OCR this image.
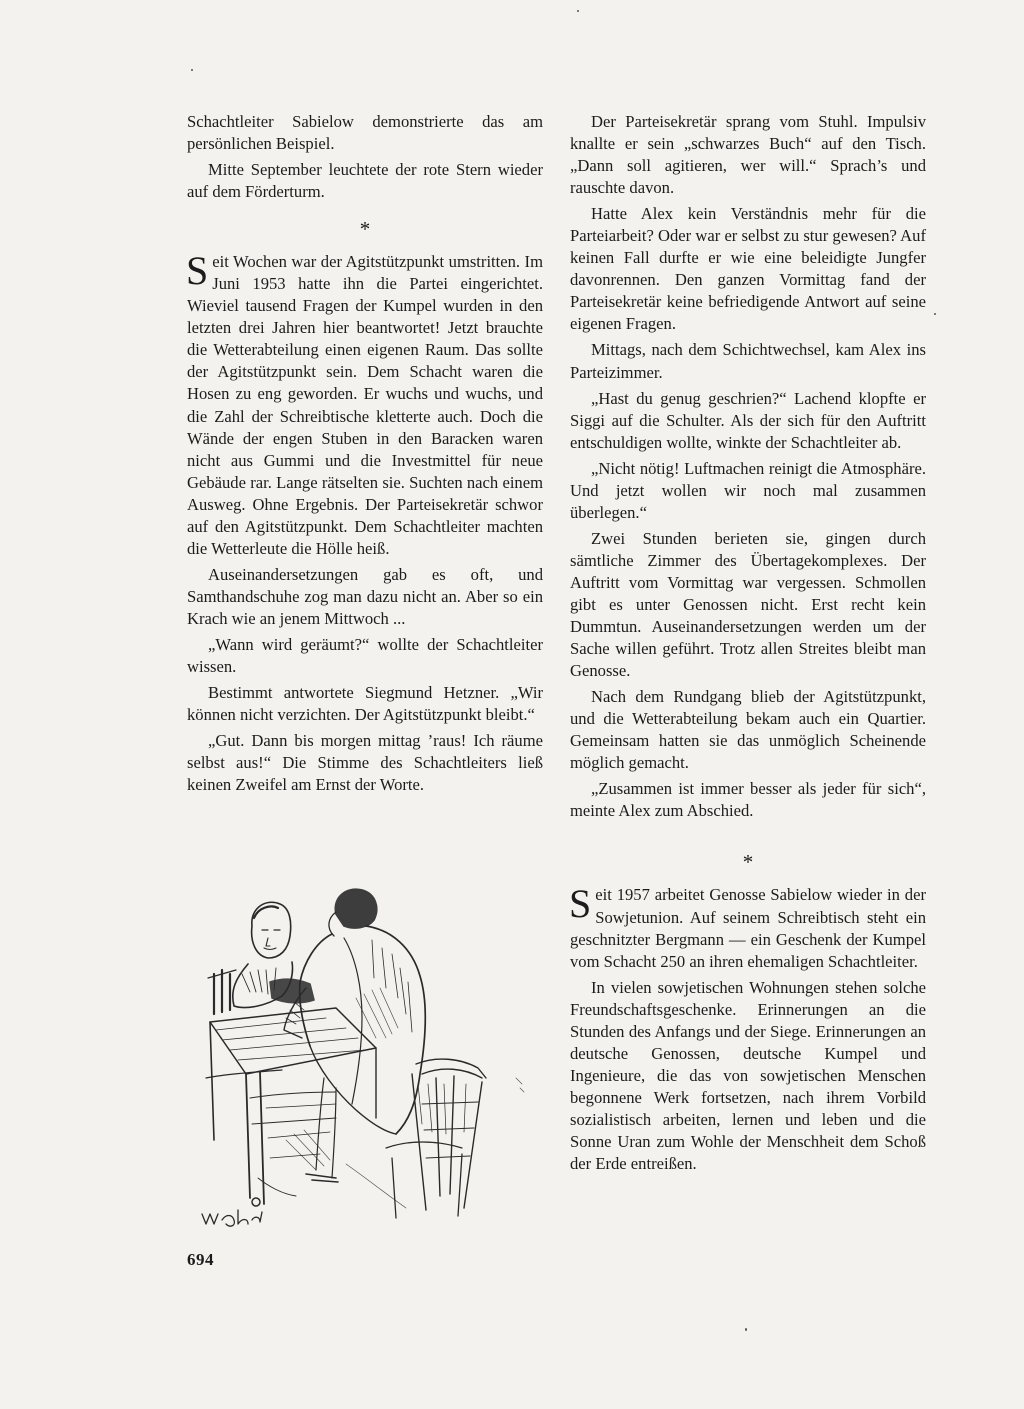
Schachtleiter Sabielow demonstrierte das am persönlichen Beispiel.

Mitte September leuchtete der rote Stern wieder auf dem Förderturm.

*

Seit Wochen war der Agitstützpunkt umstritten. Im Juni 1953 hatte ihn die Partei eingerichtet. Wieviel tausend Fragen der Kumpel wurden in den letzten drei Jahren hier beantwortet! Jetzt brauchte die Wetterabteilung einen eigenen Raum. Das sollte der Agitstützpunkt sein. Dem Schacht waren die Hosen zu eng geworden. Er wuchs und wuchs, und die Zahl der Schreibtische kletterte auch. Doch die Wände der engen Stuben in den Baracken waren nicht aus Gummi und die Investmittel für neue Gebäude rar. Lange rätselten sie. Suchten nach einem Ausweg. Ohne Ergebnis. Der Parteisekretär schwor auf den Agitstützpunkt. Dem Schachtleiter machten die Wetterleute die Hölle heiß.

Auseinandersetzungen gab es oft, und Samthandschuhe zog man dazu nicht an. Aber so ein Krach wie an jenem Mittwoch ...

„Wann wird geräumt?“ wollte der Schachtleiter wissen.

Bestimmt antwortete Siegmund Hetzner. „Wir können nicht verzichten. Der Agitstützpunkt bleibt.“

„Gut. Dann bis morgen mittag ’raus! Ich räume selbst aus!“ Die Stimme des Schachtleiters ließ keinen Zweifel am Ernst der Worte.

Der Parteisekretär sprang vom Stuhl. Impulsiv knallte er sein „schwarzes Buch“ auf den Tisch. „Dann soll agitieren, wer will.“ Sprach’s und rauschte davon.

Hatte Alex kein Verständnis mehr für die Parteiarbeit? Oder war er selbst zu stur gewesen? Auf keinen Fall durfte er wie eine beleidigte Jungfer davonrennen. Den ganzen Vormittag fand der Parteisekretär keine befriedigende Antwort auf seine eigenen Fragen.

Mittags, nach dem Schichtwechsel, kam Alex ins Parteizimmer.

„Hast du genug geschrien?“ Lachend klopfte er Siggi auf die Schulter. Als der sich für den Auftritt entschuldigen wollte, winkte der Schachtleiter ab.

„Nicht nötig! Luftmachen reinigt die Atmosphäre. Und jetzt wollen wir noch mal zusammen überlegen.“

Zwei Stunden berieten sie, gingen durch sämtliche Zimmer des Übertagekomplexes. Der Auftritt vom Vormittag war vergessen. Schmollen gibt es unter Genossen nicht. Erst recht kein Dummtun. Auseinandersetzungen werden um der Sache willen geführt. Trotz allen Streites bleibt man Genosse.

Nach dem Rundgang blieb der Agitstützpunkt, und die Wetterabteilung bekam auch ein Quartier. Gemeinsam hatten sie das unmöglich Scheinende möglich gemacht.

„Zusammen ist immer besser als jeder für sich“, meinte Alex zum Abschied.

*

Seit 1957 arbeitet Genosse Sabielow wieder in der Sowjetunion. Auf seinem Schreibtisch steht ein geschnitzter Bergmann — ein Geschenk der Kumpel vom Schacht 250 an ihren ehemaligen Schachtleiter.

In vielen sowjetischen Wohnungen stehen solche Freundschaftsgeschenke. Erinnerungen an die Stunden des Anfangs und der Siege. Erinnerungen an deutsche Genossen, deutsche Kumpel und Ingenieure, die das von sowjetischen Menschen begonnene Werk fortsetzen, nach ihrem Vorbild sozialistisch arbeiten, lernen und leben und die Sonne Uran zum Wohle der Menschheit dem Schoß der Erde entreißen.

694
